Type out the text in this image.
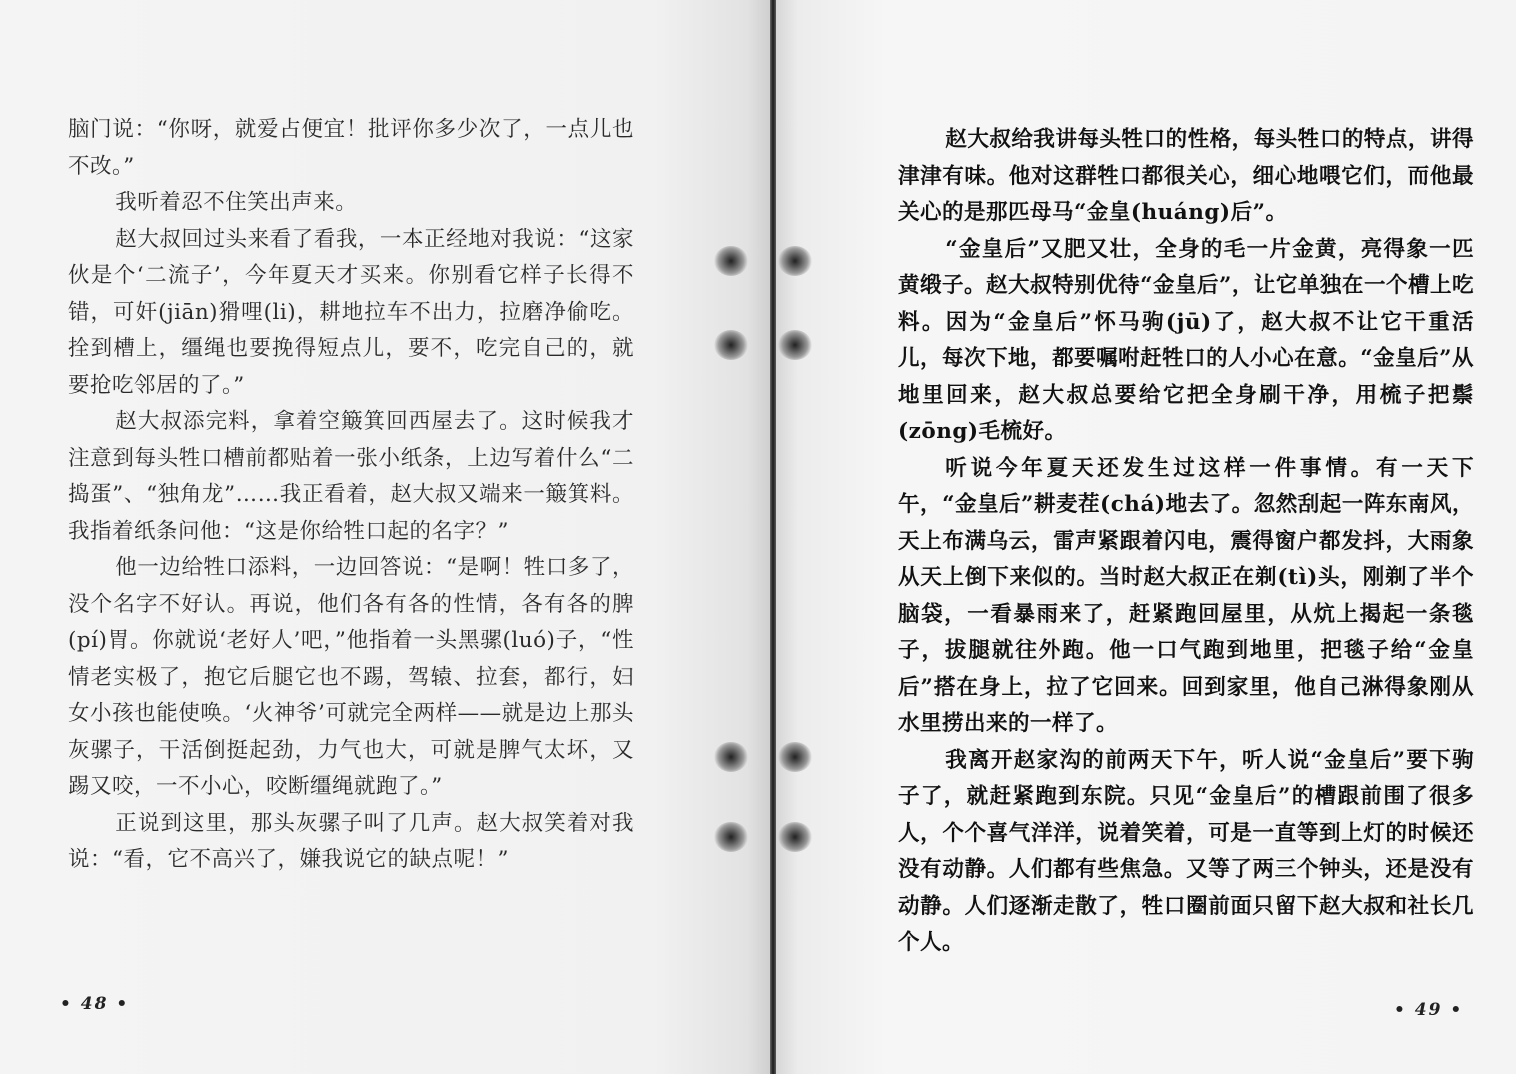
脑门说：“你呀，就爱占便宜！批评你多少次了，一点儿也不改。”

我听着忍不住笑出声来。

赵大叔回过头来看了看我，一本正经地对我说：“这家伙是个‘二流子’，今年夏天才买来。你别看它样子长得不错，可奸(jiān)猾哩(li)，耕地拉车不出力，拉磨净偷吃。拴到槽上，缰绳也要挽得短点儿，要不，吃完自己的，就要抢吃邻居的了。”

赵大叔添完料，拿着空簸箕回西屋去了。这时候我才注意到每头牲口槽前都贴着一张小纸条，上边写着什么“二捣蛋”、“独角龙”……我正看着，赵大叔又端来一簸箕料。我指着纸条问他：“这是你给牲口起的名字？”

他一边给牲口添料，一边回答说：“是啊！牲口多了，没个名字不好认。再说，他们各有各的性情，各有各的脾(pí)胃。你就说‘老好人’吧，”他指着一头黑骡(luó)子，“性情老实极了，抱它后腿它也不踢，驾辕、拉套，都行，妇女小孩也能使唤。‘火神爷’可就完全两样——就是边上那头灰骡子，干活倒挺起劲，力气也大，可就是脾气太坏，又踢又咬，一不小心，咬断缰绳就跑了。”

正说到这里，那头灰骡子叫了几声。赵大叔笑着对我说：“看，它不高兴了，嫌我说它的缺点呢！”

• 48 •

赵大叔给我讲每头牲口的性格，每头牲口的特点，讲得津津有味。他对这群牲口都很关心，细心地喂它们，而他最关心的是那匹母马“金皇(huáng)后”。

“金皇后”又肥又壮，全身的毛一片金黄，亮得象一匹黄缎子。赵大叔特别优待“金皇后”，让它单独在一个槽上吃料。因为“金皇后”怀马驹(jū)了，赵大叔不让它干重活儿，每次下地，都要嘱咐赶牲口的人小心在意。“金皇后”从地里回来，赵大叔总要给它把全身刷干净，用梳子把鬃(zōng)毛梳好。

听说今年夏天还发生过这样一件事情。有一天下午，“金皇后”耕麦茬(chá)地去了。忽然刮起一阵东南风，天上布满乌云，雷声紧跟着闪电，震得窗户都发抖，大雨象从天上倒下来似的。当时赵大叔正在剃(tì)头，刚剃了半个脑袋，一看暴雨来了，赶紧跑回屋里，从炕上揭起一条毯子，拔腿就往外跑。他一口气跑到地里，把毯子给“金皇后”搭在身上，拉了它回来。回到家里，他自己淋得象刚从水里捞出来的一样了。

我离开赵家沟的前两天下午，听人说“金皇后”要下驹子了，就赶紧跑到东院。只见“金皇后”的槽跟前围了很多人，个个喜气洋洋，说着笑着，可是一直等到上灯的时候还没有动静。人们都有些焦急。又等了两三个钟头，还是没有动静。人们逐渐走散了，牲口圈前面只留下赵大叔和社长几个人。

• 49 •
